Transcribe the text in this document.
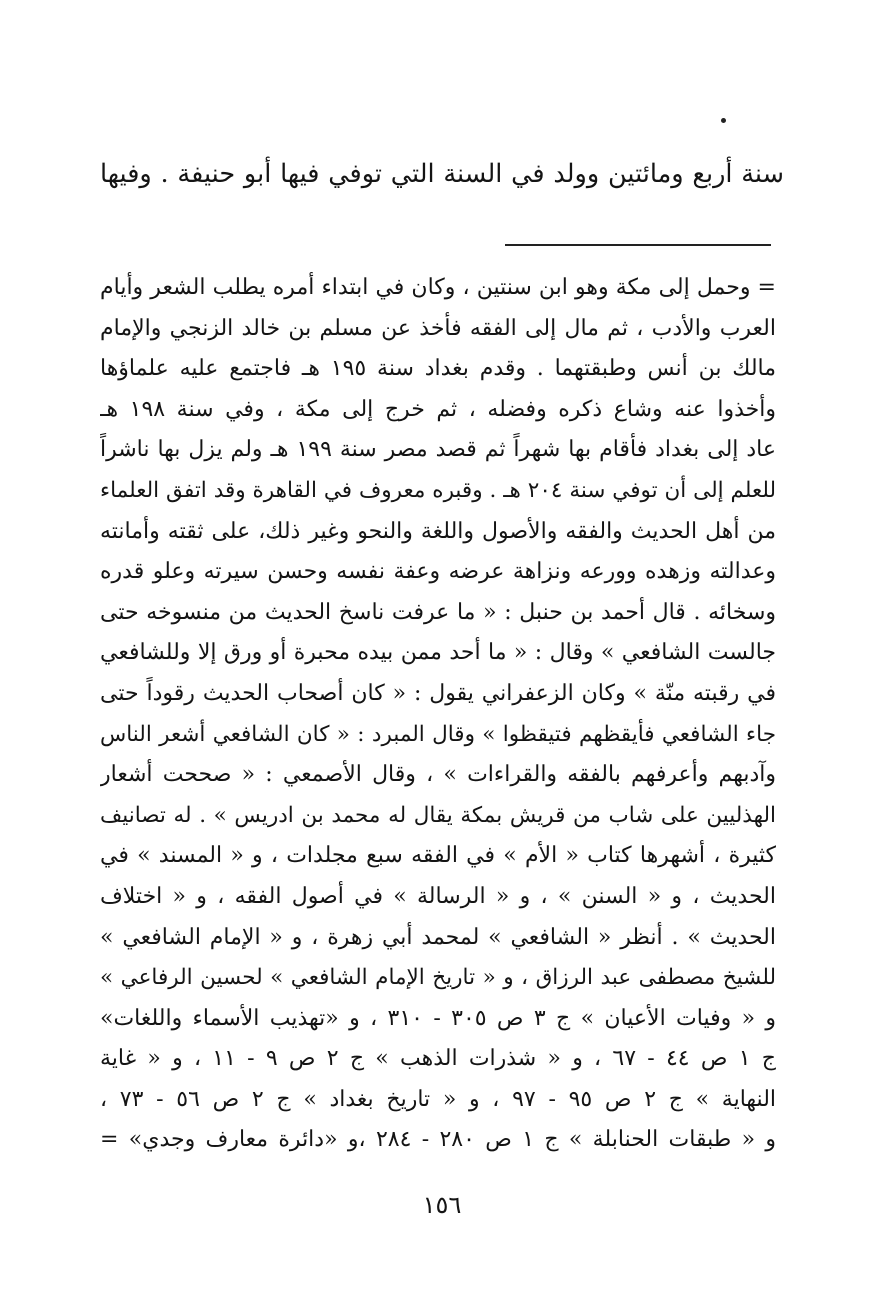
سنة أربع ومائتين وولد في السنة التي توفي فيها أبو حنيفة . وفيها
= وحمل إلى مكة وهو ابن سنتين ، وكان في ابتداء أمره يطلب الشعر وأيام
العرب والأدب ، ثم مال إلى الفقه فأخذ عن مسلم بن خالد الزنجي والإمام
مالك بن أنس وطبقتهما . وقدم بغداد سنة ١٩٥ هـ فاجتمع عليه علماؤها
وأخذوا عنه وشاع ذكره وفضله ، ثم خرج إلى مكة ، وفي سنة ١٩٨ هـ
عاد إلى بغداد فأقام بها شهراً ثم قصد مصر سنة ١٩٩ هـ ولم يزل بها ناشراً
للعلم إلى أن توفي سنة ٢٠٤ هـ . وقبره معروف في القاهرة وقد اتفق العلماء
من أهل الحديث والفقه والأصول واللغة والنحو وغير ذلك، على ثقته وأمانته
وعدالته وزهده وورعه ونزاهة عرضه وعفة نفسه وحسن سيرته وعلو قدره
وسخائه . قال أحمد بن حنبل : « ما عرفت ناسخ الحديث من منسوخه حتى
جالست الشافعي » وقال : « ما أحد ممن بيده محبرة أو ورق إلا وللشافعي
في رقبته منّة » وكان الزعفراني يقول : « كان أصحاب الحديث رقوداً حتى
جاء الشافعي فأيقظهم فتيقظوا » وقال المبرد : « كان الشافعي أشعر الناس
وآدبهم وأعرفهم بالفقه والقراءات » ، وقال الأصمعي : « صححت أشعار
الهذليين على شاب من قريش بمكة يقال له محمد بن ادريس » . له تصانيف
كثيرة ، أشهرها كتاب « الأم » في الفقه سبع مجلدات ، و « المسند » في
الحديث ، و « السنن » ، و « الرسالة » في أصول الفقه ، و « اختلاف
الحديث » . أنظر « الشافعي » لمحمد أبي زهرة ، و « الإمام الشافعي »
للشيخ مصطفى عبد الرزاق ، و « تاريخ الإمام الشافعي » لحسين الرفاعي »
و « وفيات الأعيان » ج ٣ ص ٣٠٥ - ٣١٠ ، و «تهذيب الأسماء واللغات»
ج ١ ص ٤٤ - ٦٧ ، و « شذرات الذهب » ج ٢ ص ٩ - ١١ ، و « غاية
النهاية » ج ٢ ص ٩٥ - ٩٧ ، و « تاريخ بغداد » ج ٢ ص ٥٦ - ٧٣ ،
و « طبقات الحنابلة » ج ١ ص ٢٨٠ - ٢٨٤ ،و «دائرة معارف وجدي» =
١٥٦
